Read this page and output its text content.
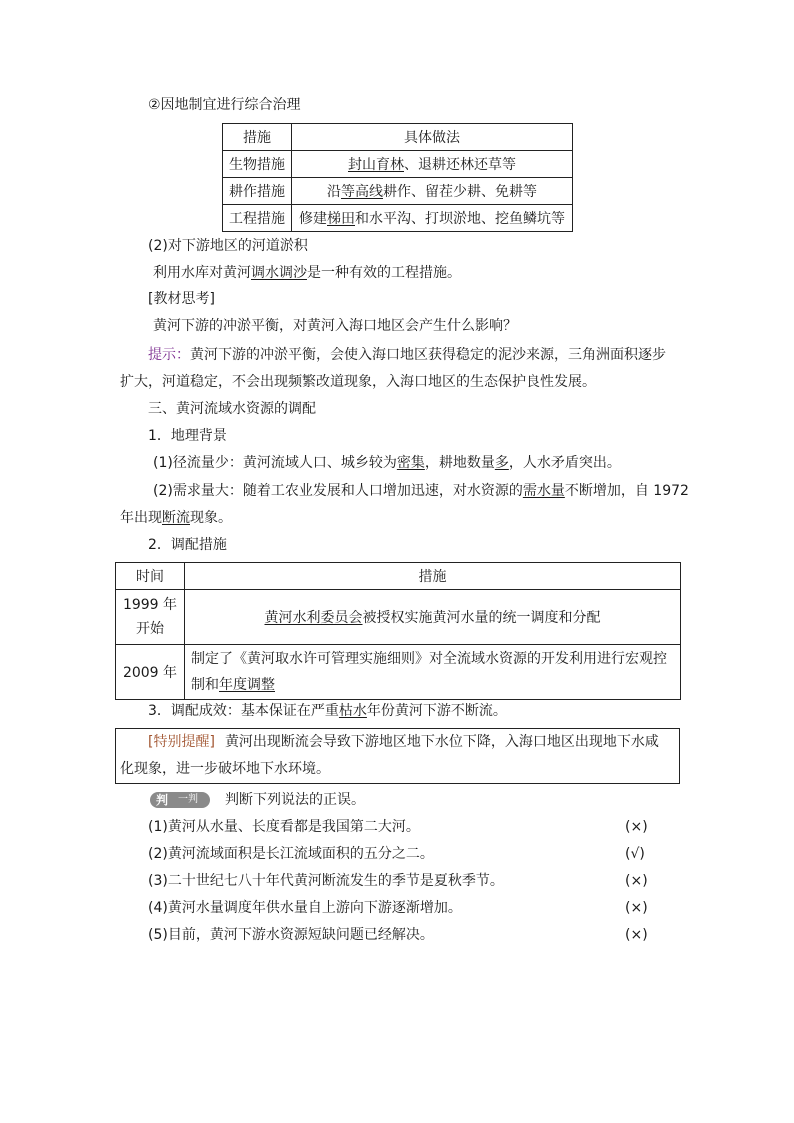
②因地制宜进行综合治理
措施	具体做法
生物措施	封山育林、退耕还林还草等
耕作措施	沿等高线耕作、留茬少耕、免耕等
工程措施	修建梯田和水平沟、打坝淤地、挖鱼鳞坑等
(2)对下游地区的河道淤积
利用水库对黄河调水调沙是一种有效的工程措施。
[教材思考]
黄河下游的冲淤平衡，对黄河入海口地区会产生什么影响？
提示：黄河下游的冲淤平衡，会使入海口地区获得稳定的泥沙来源，三角洲面积逐步
扩大，河道稳定，不会出现频繁改道现象，入海口地区的生态保护良性发展。
三、黄河流域水资源的调配
1．地理背景
(1)径流量少：黄河流域人口、城乡较为密集，耕地数量多，人水矛盾突出。
(2)需求量大：随着工农业发展和人口增加迅速，对水资源的需水量不断增加，自 1972
年出现断流现象。
2．调配措施
时间	措施

1999 年
开始	黄河水利委员会被授权实施黄河水量的统一调度和分配
2009 年	制定了《黄河取水许可管理实施细则》对全流域水资源的开发利用进行宏观控
制和年度调整
3．调配成效：基本保证在严重枯水年份黄河下游不断流。
[特别提醒] 黄河出现断流会导致下游地区地下水位下降，入海口地区出现地下水咸
化现象，进一步破坏地下水环境。
判 一判 判断下列说法的正误。
(1)黄河从水量、长度看都是我国第二大河。	(×)
(2)黄河流域面积是长江流域面积的五分之二。	(√)
(3)二十世纪七八十年代黄河断流发生的季节是夏秋季节。	(×)
(4)黄河水量调度年供水量自上游向下游逐渐增加。	(×)
(5)目前，黄河下游水资源短缺问题已经解决。	(×)
